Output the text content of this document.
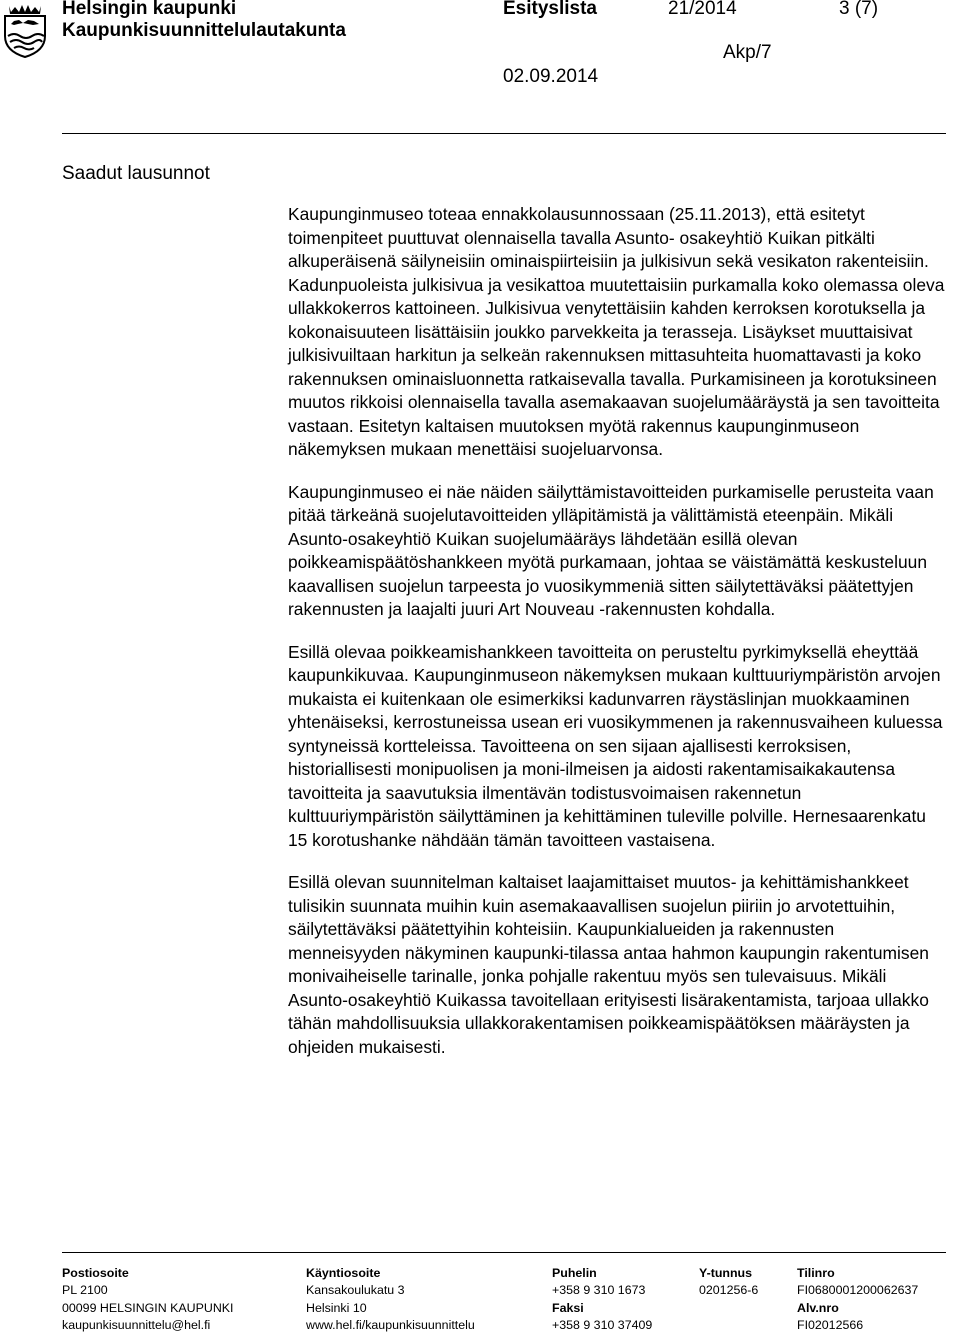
Helsingin kaupunki
Kaupunkisuunnittelulautakunta
Esityslista	21/2014	3 (7)
Akp/7
02.09.2014
Saadut lausunnot

Kaupunginmuseo toteaa ennakkolausunnossaan (25.11.2013), että esitetyt toimenpiteet puuttuvat olennaisella tavalla Asunto- osakeyhtiö Kuikan pitkälti alkuperäisenä säilyneisiin ominaispiirteisiin ja julkisivun sekä vesikaton rakenteisiin. Kadunpuoleista julkisivua ja vesikattoa muutettaisiin purkamalla koko olemassa oleva ullakkokerros kattoineen. Julkisivua venytettäisiin kahden kerroksen korotuksella ja kokonaisuuteen lisättäisiin joukko parvekkeita ja terasseja. Lisäykset muuttaisivat julkisivuiltaan harkitun ja selkeän rakennuksen mittasuhteita huomattavasti ja koko rakennuksen ominaisluonnetta ratkaisevalla tavalla. Purkamisineen ja korotuksineen muutos rikkoisi olennaisella tavalla asemakaavan suojelumääräystä ja sen tavoitteita vastaan. Esitetyn kaltaisen muutoksen myötä rakennus kaupunginmuseon näkemyksen mukaan menettäisi suojeluarvonsa.

Kaupunginmuseo ei näe näiden säilyttämistavoitteiden purkamiselle perusteita vaan pitää tärkeänä suojelutavoitteiden ylläpitämistä ja välittämistä eteenpäin. Mikäli Asunto-osakeyhtiö Kuikan suojelumääräys lähdetään esillä olevan poikkeamispäätöshankkeen myötä purkamaan, johtaa se väistämättä keskusteluun kaavallisen suojelun tarpeesta jo vuosikymmeniä sitten säilytettäväksi päätettyjen rakennusten ja laajalti juuri Art Nouveau -rakennusten kohdalla.

Esillä olevaa poikkeamishankkeen tavoitteita on perusteltu pyrkimyksellä eheyttää kaupunkikuvaa. Kaupunginmuseon näkemyksen mukaan kulttuuriympäristön arvojen mukaista ei kuitenkaan ole esimerkiksi kadunvarren räystäslinjan muokkaaminen yhtenäiseksi, kerrostuneissa usean eri vuosikymmenen ja rakennusvaiheen kuluessa syntyneissä kortteleissa. Tavoitteena on sen sijaan ajallisesti kerroksisen, historiallisesti monipuolisen ja moni-ilmeisen ja aidosti rakentamisaikakautensa tavoitteita ja saavutuksia ilmentävän todistusvoimaisen rakennetun kulttuuriympäristön säilyttäminen ja kehittäminen tuleville polville. Hernesaarenkatu 15 korotushanke nähdään tämän tavoitteen vastaisena.

Esillä olevan suunnitelman kaltaiset laajamittaiset muutos- ja kehittämishankkeet tulisikin suunnata muihin kuin asemakaavallisen suojelun piiriin jo arvotettuihin, säilytettäväksi päätettyihin kohteisiin. Kaupunkialueiden ja rakennusten menneisyyden näkyminen kaupunki-tilassa antaa hahmon kaupungin rakentumisen monivaiheiselle tarinalle, jonka pohjalle rakentuu myös sen tulevaisuus. Mikäli Asunto-osakeyhtiö Kuikassa tavoitellaan erityisesti lisärakentamista, tarjoaa ullakko tähän mahdollisuuksia ullakkorakentamisen poikkeamispäätöksen määräysten ja ohjeiden mukaisesti.

Postiosoite
PL 2100
00099 HELSINGIN KAUPUNKI
kaupunkisuunnittelu@hel.fi
Käyntiosoite
Kansakoulukatu 3
Helsinki 10
www.hel.fi/kaupunkisuunnittelu
Puhelin
+358 9 310 1673
Faksi
+358 9 310 37409
Y-tunnus
0201256-6
Tilinro
FI0680001200062637
Alv.nro
FI02012566
